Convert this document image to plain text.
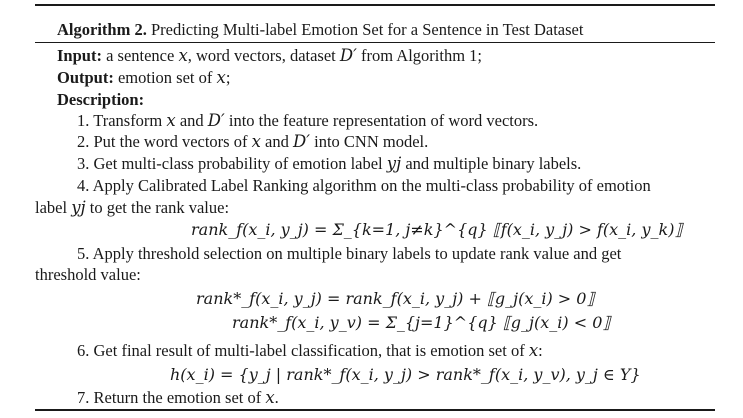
Algorithm 2. Predicting Multi-label Emotion Set for a Sentence in Test Dataset
Input: a sentence x, word vectors, dataset D′ from Algorithm 1;
Output: emotion set of x;
Description:
1. Transform x and D′ into the feature representation of word vectors.
2. Put the word vectors of x and D′ into CNN model.
3. Get multi-class probability of emotion label yj and multiple binary labels.
4. Apply Calibrated Label Ranking algorithm on the multi-class probability of emotion
label yj to get the rank value:
rank_f(x_i, y_j) = Σ_{k=1, j≠k}^{q} ⟦f(x_i, y_j) > f(x_i, y_k)⟧
5. Apply threshold selection on multiple binary labels to update rank value and get
threshold value:
rank*_f(x_i, y_j) = rank_f(x_i, y_j) + ⟦g_j(x_i) > 0⟧
rank*_f(x_i, y_v) = Σ_{j=1}^{q} ⟦g_j(x_i) < 0⟧
6. Get final result of multi-label classification, that is emotion set of x:
h(x_i) = {y_j | rank*_f(x_i, y_j) > rank*_f(x_i, y_v), y_j ∈ Y}
7. Return the emotion set of x.
